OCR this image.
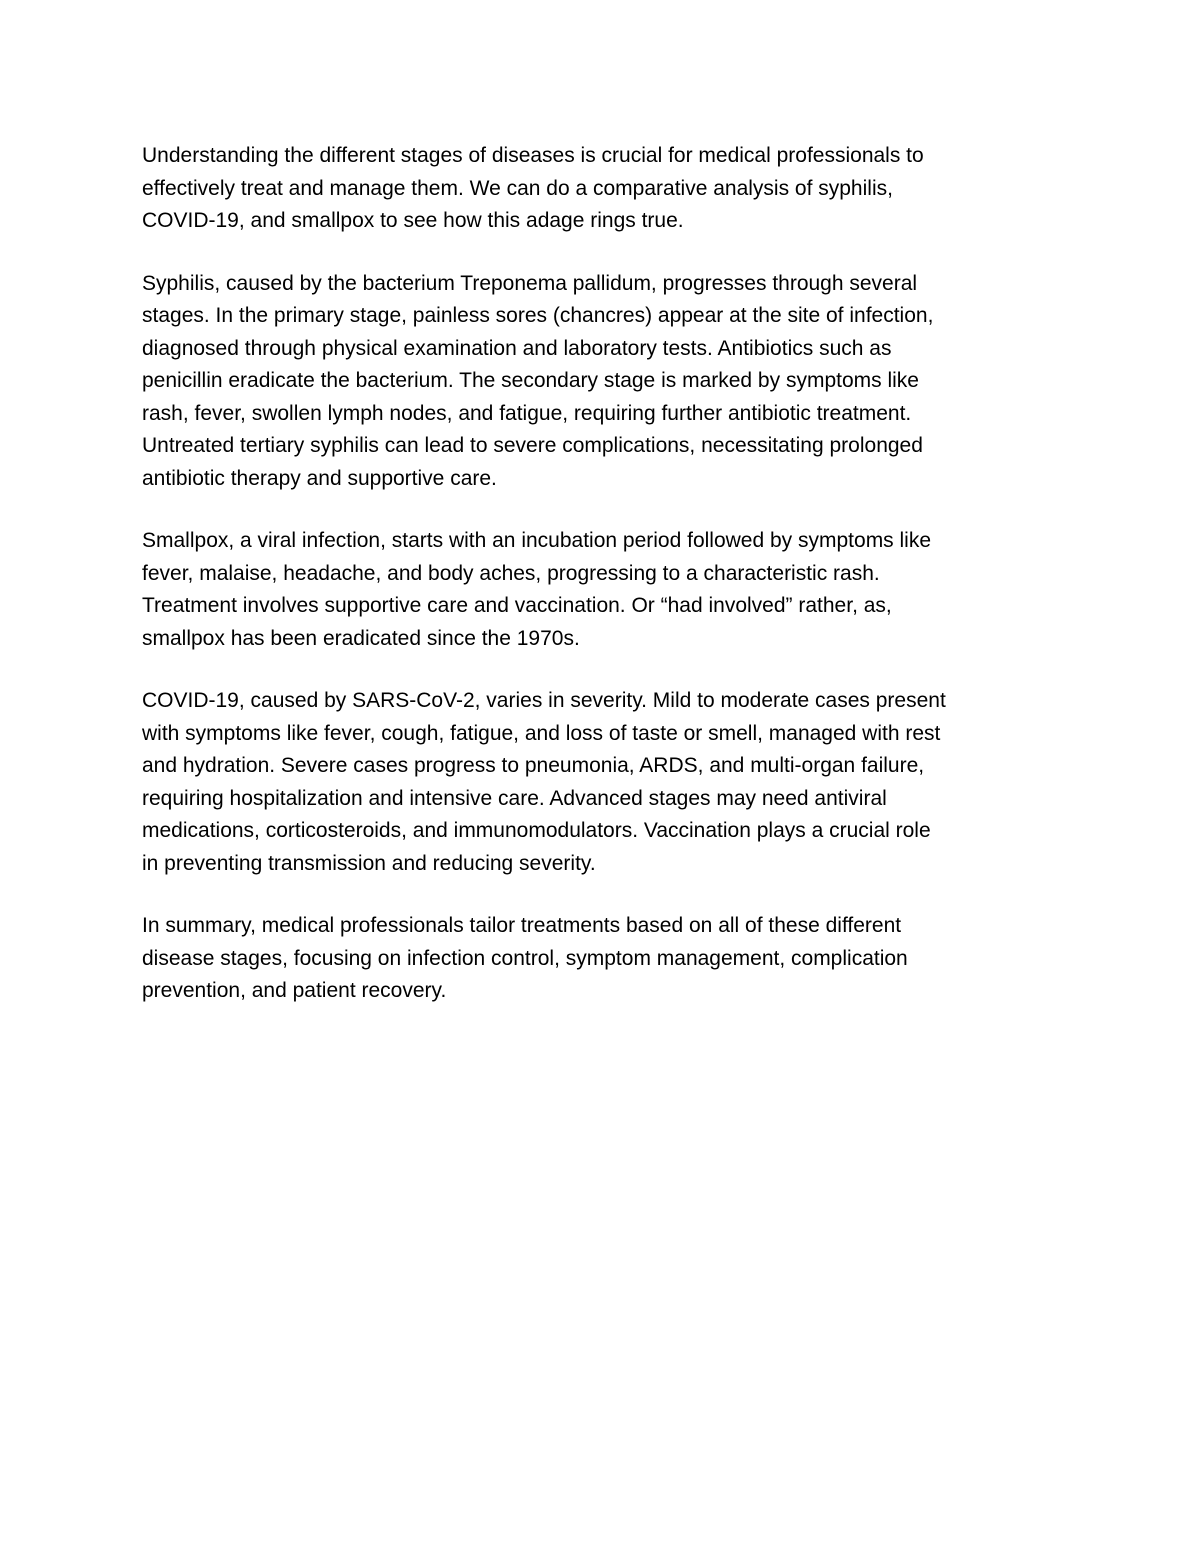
Understanding the different stages of diseases is crucial for medical professionals to
effectively treat and manage them. We can do a comparative analysis of syphilis,
COVID-19, and smallpox to see how this adage rings true.

Syphilis, caused by the bacterium Treponema pallidum, progresses through several
stages. In the primary stage, painless sores (chancres) appear at the site of infection,
diagnosed through physical examination and laboratory tests. Antibiotics such as
penicillin eradicate the bacterium. The secondary stage is marked by symptoms like
rash, fever, swollen lymph nodes, and fatigue, requiring further antibiotic treatment.
Untreated tertiary syphilis can lead to severe complications, necessitating prolonged
antibiotic therapy and supportive care.

Smallpox, a viral infection, starts with an incubation period followed by symptoms like
fever, malaise, headache, and body aches, progressing to a characteristic rash.
Treatment involves supportive care and vaccination. Or “had involved” rather, as,
smallpox has been eradicated since the 1970s.

COVID-19, caused by SARS-CoV-2, varies in severity. Mild to moderate cases present
with symptoms like fever, cough, fatigue, and loss of taste or smell, managed with rest
and hydration. Severe cases progress to pneumonia, ARDS, and multi-organ failure,
requiring hospitalization and intensive care. Advanced stages may need antiviral
medications, corticosteroids, and immunomodulators. Vaccination plays a crucial role
in preventing transmission and reducing severity.

In summary, medical professionals tailor treatments based on all of these different
disease stages, focusing on infection control, symptom management, complication
prevention, and patient recovery.
